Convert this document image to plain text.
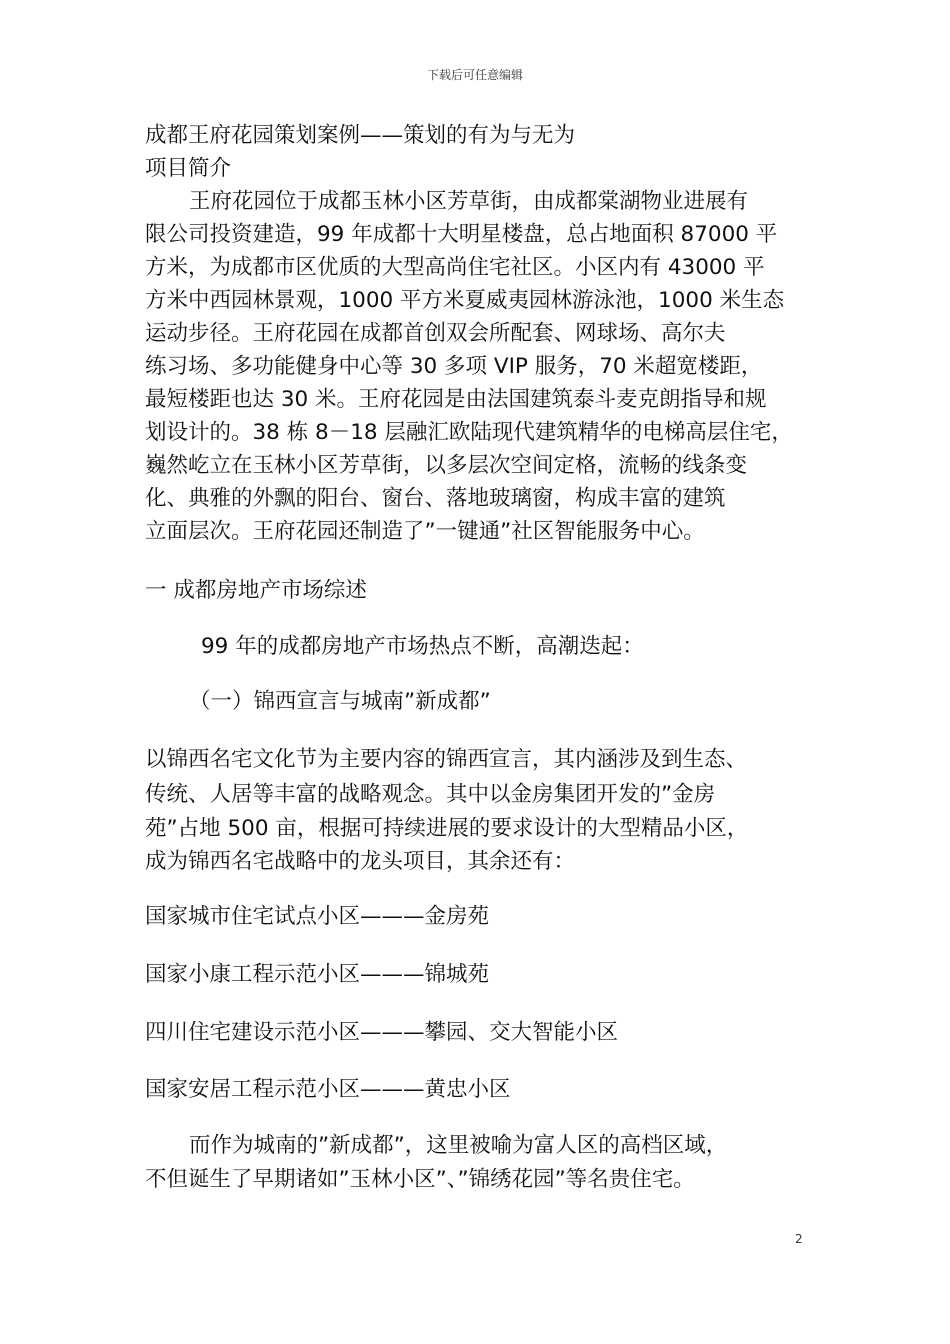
下载后可任意编辑
成都王府花园策划案例——策划的有为与无为
项目简介
王府花园位于成都玉林小区芳草街，由成都棠湖物业进展有
限公司投资建造，99 年成都十大明星楼盘，总占地面积 87000 平
方米，为成都市区优质的大型高尚住宅社区。小区内有 43000 平
方米中西园林景观，1000 平方米夏威夷园林游泳池，1000 米生态
运动步径。王府花园在成都首创双会所配套、网球场、高尔夫
练习场、多功能健身中心等 30 多项 VIP 服务，70 米超宽楼距，
最短楼距也达 30 米。王府花园是由法国建筑泰斗麦克朗指导和规
划设计的。38 栋 8－18 层融汇欧陆现代建筑精华的电梯高层住宅，
巍然屹立在玉林小区芳草街，以多层次空间定格，流畅的线条变
化、典雅的外飘的阳台、窗台、落地玻璃窗，构成丰富的建筑
立面层次。王府花园还制造了”一键通”社区智能服务中心。
一 成都房地产市场综述
99 年的成都房地产市场热点不断，高潮迭起：
（一）锦西宣言与城南”新成都”
以锦西名宅文化节为主要内容的锦西宣言，其内涵涉及到生态、
传统、人居等丰富的战略观念。其中以金房集团开发的”金房
苑”占地 500 亩，根据可持续进展的要求设计的大型精品小区，
成为锦西名宅战略中的龙头项目，其余还有：
国家城市住宅试点小区———金房苑
国家小康工程示范小区———锦城苑
四川住宅建设示范小区———攀园、交大智能小区
国家安居工程示范小区———黄忠小区
而作为城南的”新成都”，这里被喻为富人区的高档区域，
不但诞生了早期诸如”玉林小区”、”锦绣花园”等名贵住宅。
2
